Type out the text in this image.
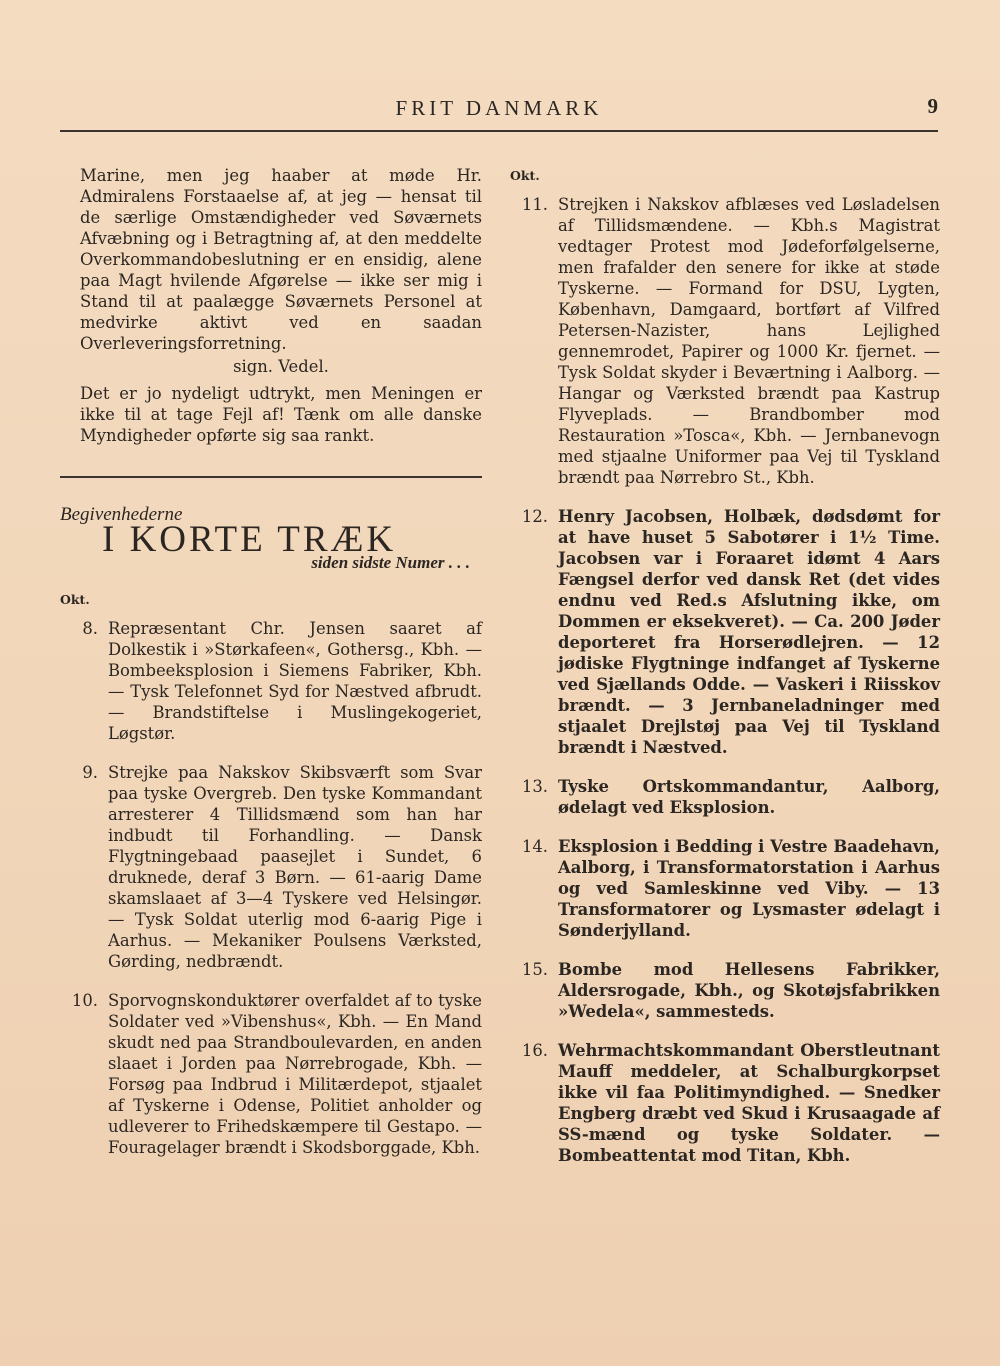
FRIT DANMARK	9

Marine, men jeg haaber at møde Hr. Admiralens Forstaaelse af, at jeg — hensat til de særlige Omstændigheder ved Søværnets Afvæbning og i Betragtning af, at den meddelte Overkommandobeslutning er en ensidig, alene paa Magt hvilende Afgørelse — ikke ser mig i Stand til at paalægge Søværnets Personel at medvirke aktivt ved en saadan Overleveringsforretning.

sign. Vedel.

Det er jo nydeligt udtrykt, men Meningen er ikke til at tage Fejl af! Tænk om alle danske Myndigheder opførte sig saa rankt.

Begivenhederne
I KORTE TRÆK
siden sidste Numer . . .
Okt.
8. Repræsentant Chr. Jensen saaret af Dolkestik i »Størkafeen«, Gothersg., Kbh. — Bombeeksplosion i Siemens Fabriker, Kbh. — Tysk Telefonnet Syd for Næstved afbrudt. — Brandstiftelse i Muslingekogeriet, Løgstør.
9. Strejke paa Nakskov Skibsværft som Svar paa tyske Overgreb. Den tyske Kommandant arresterer 4 Tillidsmænd som han har indbudt til Forhandling. — Dansk Flygtningebaad paasejlet i Sundet, 6 druknede, deraf 3 Børn. — 61-aarig Dame skamslaaet af 3—4 Tyskere ved Helsingør. — Tysk Soldat uterlig mod 6-aarig Pige i Aarhus. — Mekaniker Poulsens Værksted, Gørding, nedbrændt.
10. Sporvognskonduktører overfaldet af to tyske Soldater ved »Vibenshus«, Kbh. — En Mand skudt ned paa Strandboulevarden, en anden slaaet i Jorden paa Nørrebrogade, Kbh. — Forsøg paa Indbrud i Militærdepot, stjaalet af Tyskerne i Odense, Politiet anholder og udleverer to Frihedskæmpere til Gestapo. — Fouragelager brændt i Skodsborggade, Kbh.
Okt.
11. Strejken i Nakskov afblæses ved Løsladelsen af Tillidsmændene. — Kbh.s Magistrat vedtager Protest mod Jødeforfølgelserne, men frafalder den senere for ikke at støde Tyskerne. — Formand for DSU, Lygten, København, Damgaard, bortført af Vilfred Petersen-Nazister, hans Lejlighed gennemrodet, Papirer og 1000 Kr. fjernet. — Tysk Soldat skyder i Beværtning i Aalborg. — Hangar og Værksted brændt paa Kastrup Flyveplads. — Brandbomber mod Restauration »Tosca«, Kbh. — Jernbanevogn med stjaalne Uniformer paa Vej til Tyskland brændt paa Nørrebro St., Kbh.
12. Henry Jacobsen, Holbæk, dødsdømt for at have huset 5 Sabotører i 1½ Time. Jacobsen var i Foraaret idømt 4 Aars Fængsel derfor ved dansk Ret (det vides endnu ved Red.s Afslutning ikke, om Dommen er eksekveret). — Ca. 200 Jøder deporteret fra Horserødlejren. — 12 jødiske Flygtninge indfanget af Tyskerne ved Sjællands Odde. — Vaskeri i Riisskov brændt. — 3 Jernbaneladninger med stjaalet Drejlstøj paa Vej til Tyskland brændt i Næstved.
13. Tyske Ortskommandantur, Aalborg, ødelagt ved Eksplosion.
14. Eksplosion i Bedding i Vestre Baadehavn, Aalborg, i Transformatorstation i Aarhus og ved Samleskinne ved Viby. — 13 Transformatorer og Lysmaster ødelagt i Sønderjylland.
15. Bombe mod Hellesens Fabrikker, Aldersrogade, Kbh., og Skotøjsfabrikken »Wedela«, sammesteds.
16. Wehrmachtskommandant Oberstleutnant Mauff meddeler, at Schalburgkorpset ikke vil faa Politimyndighed. — Snedker Engberg dræbt ved Skud i Krusaagade af SS-mænd og tyske Soldater. — Bombeattentat mod Titan, Kbh.
